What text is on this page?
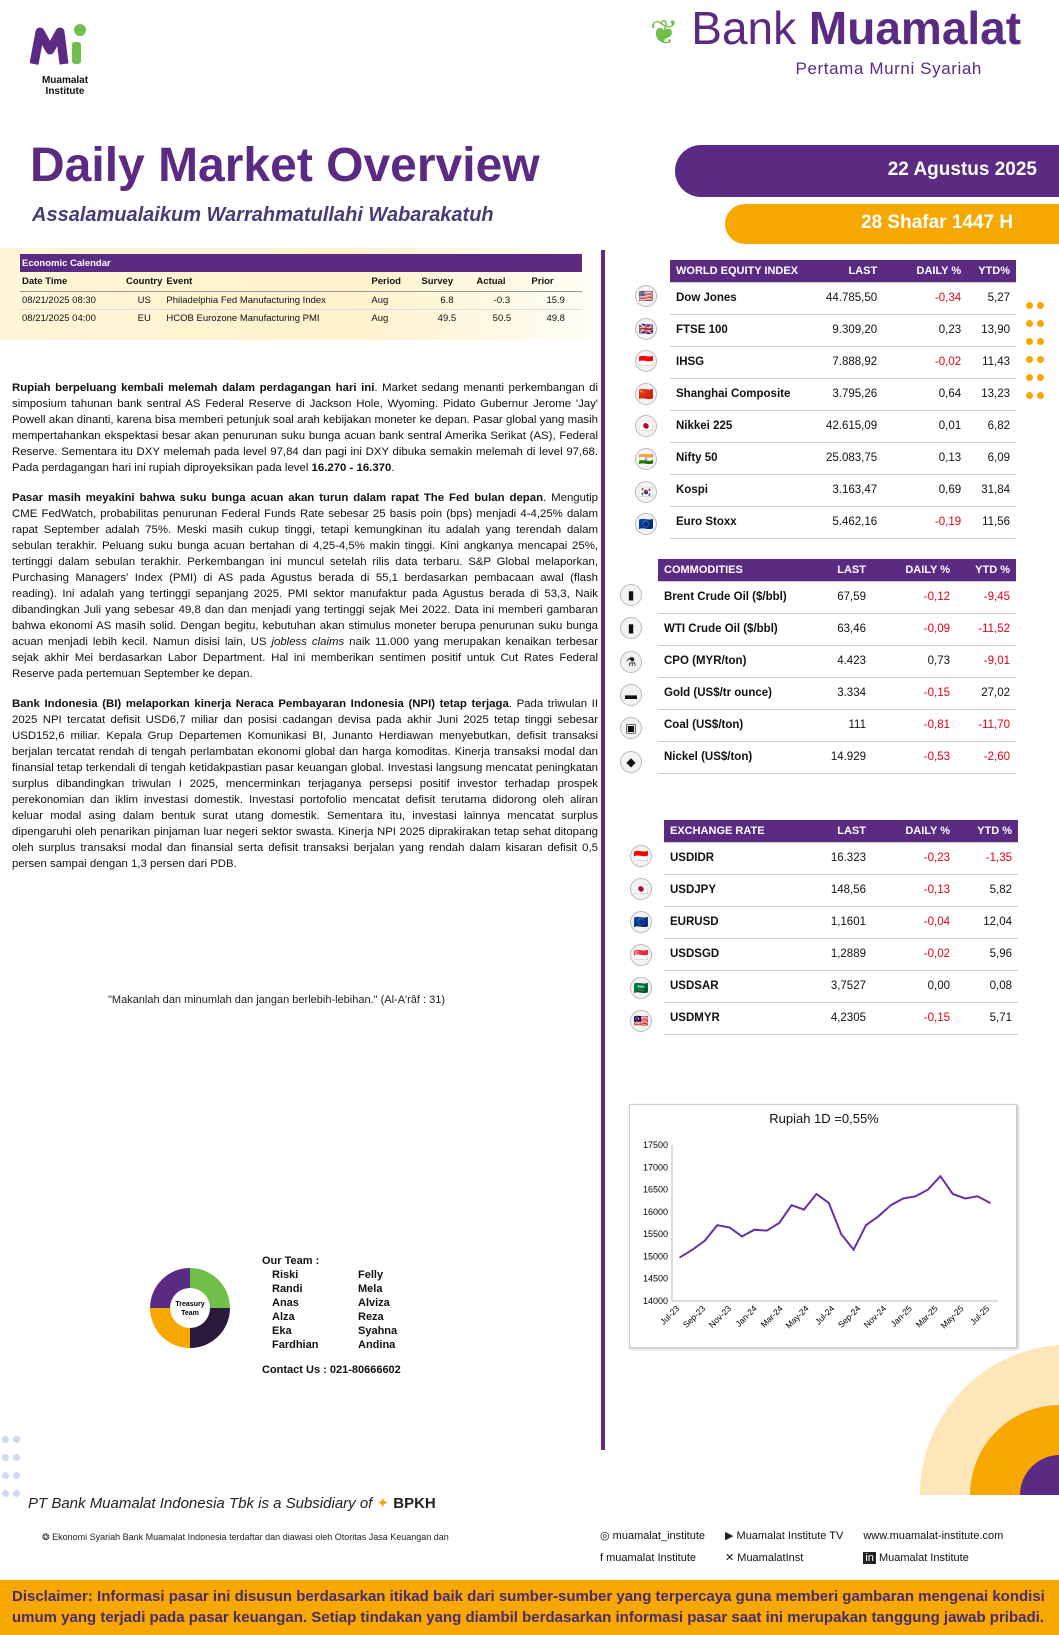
Muamalat Institute
❦ Bank Muamalat
Pertama Murni Syariah
Daily Market Overview
Assalamualaikum Warrahmatullahi Wabarakatuh
22 Agustus 2025
28 Shafar 1447 H
Economic Calendar						
Date Time	Country	Event	Period	Survey	Actual	Prior
08/21/2025 08:30	US	Philadelphia Fed Manufacturing Index	Aug	6.8	-0.3	15.9
08/21/2025 04:00	EU	HCOB Eurozone Manufacturing PMI	Aug	49.5	50.5	49.8

Rupiah berpeluang kembali melemah dalam perdagangan hari ini. Market sedang menanti perkembangan di simposium tahunan bank sentral AS Federal Reserve di Jackson Hole, Wyoming. Pidato Gubernur Jerome 'Jay' Powell akan dinanti, karena bisa memberi petunjuk soal arah kebijakan moneter ke depan. Pasar global yang masih mempertahankan ekspektasi besar akan penurunan suku bunga acuan bank sentral Amerika Serikat (AS), Federal Reserve. Sementara itu DXY melemah pada level 97,84 dan pagi ini DXY dibuka semakin melemah di level 97,68. Pada perdagangan hari ini rupiah diproyeksikan pada level 16.270 - 16.370.

Pasar masih meyakini bahwa suku bunga acuan akan turun dalam rapat The Fed bulan depan. Mengutip CME FedWatch, probabilitas penurunan Federal Funds Rate sebesar 25 basis poin (bps) menjadi 4-4,25% dalam rapat September adalah 75%. Meski masih cukup tinggi, tetapi kemungkinan itu adalah yang terendah dalam sebulan terakhir. Peluang suku bunga acuan bertahan di 4,25-4,5% makin tinggi. Kini angkanya mencapai 25%, tertinggi dalam sebulan terakhir. Perkembangan ini muncul setelah rilis data terbaru. S&P Global melaporkan, Purchasing Managers' Index (PMI) di AS pada Agustus berada di 55,1 berdasarkan pembacaan awal (flash reading). Ini adalah yang tertinggi sepanjang 2025. PMI sektor manufaktur pada Agustus berada di 53,3, Naik dibandingkan Juli yang sebesar 49,8 dan dan menjadi yang tertinggi sejak Mei 2022. Data ini memberi gambaran bahwa ekonomi AS masih solid. Dengan begitu, kebutuhan akan stimulus moneter berupa penurunan suku bunga acuan menjadi lebih kecil. Namun disisi lain, US jobless claims naik 11.000 yang merupakan kenaikan terbesar sejak akhir Mei berdasarkan Labor Department. Hal ini memberikan sentimen positif untuk Cut Rates Federal Reserve pada pertemuan September ke depan.

Bank Indonesia (BI) melaporkan kinerja Neraca Pembayaran Indonesia (NPI) tetap terjaga. Pada triwulan II 2025 NPI tercatat defisit USD6,7 miliar dan posisi cadangan devisa pada akhir Juni 2025 tetap tinggi sebesar USD152,6 miliar. Kepala Grup Departemen Komunikasi BI, Junanto Herdiawan menyebutkan, defisit transaksi berjalan tercatat rendah di tengah perlambatan ekonomi global dan harga komoditas. Kinerja transaksi modal dan finansial tetap terkendali di tengah ketidakpastian pasar keuangan global. Investasi langsung mencatat peningkatan surplus dibandingkan triwulan I 2025, mencerminkan terjaganya persepsi positif investor terhadap prospek perekonomian dan iklim investasi domestik. Investasi portofolio mencatat defisit terutama didorong oleh aliran keluar modal asing dalam bentuk surat utang domestik. Sementara itu, investasi lainnya mencatat surplus dipengaruhi oleh penarikan pinjaman luar negeri sektor swasta. Kinerja NPI 2025 diprakirakan tetap sehat ditopang oleh surplus transaksi modal dan finansial serta defisit transaksi berjalan yang rendah dalam kisaran defisit 0,5 persen sampai dengan 1,3 persen dari PDB.

"Makanlah dan minumlah dan jangan berlebih-lebihan." (Al-A'râf : 31)
Treasury
Team
Our Team :
Riski
Randi
Anas
Alza
Eka
Fardhian
Felly
Mela
Alviza
Reza
Syahna
Andina
Contact Us : 021-80666602
WORLD EQUITY INDEX	LAST	DAILY %	YTD%
Dow Jones	44.785,50	-0,34	5,27
FTSE 100	9.309,20	0,23	13,90
IHSG	7.888,92	-0,02	11,43
Shanghai Composite	3.795,26	0,64	13,23
Nikkei 225	42.615,09	0,01	6,82
Nifty 50	25.083,75	0,13	6,09
Kospi	3.163,47	0,69	31,84
Euro Stoxx	5.462,16	-0,19	11,56
COMMODITIES	LAST	DAILY %	YTD %
Brent Crude Oil ($/bbl)	67,59	-0,12	-9,45
WTI Crude Oil ($/bbl)	63,46	-0,09	-11,52
CPO (MYR/ton)	4.423	0,73	-9,01
Gold (US$/tr ounce)	3.334	-0,15	27,02
Coal (US$/ton)	111	-0,81	-11,70
Nickel (US$/ton)	14.929	-0,53	-2,60
EXCHANGE RATE	LAST	DAILY %	YTD %
USDIDR	16.323	-0,23	-1,35
USDJPY	148,56	-0,13	5,82
EURUSD	1,1601	-0,04	12,04
USDSGD	1,2889	-0,02	5,96
USDSAR	3,7527	0,00	0,08
USDMYR	4,2305	-0,15	5,71
🇺🇸
🇬🇧
🇮🇩
🇨🇳
🇯🇵
🇮🇳
🇰🇷
🇪🇺
▮
▮
⚗
▬
▣
◆
🇮🇩
🇯🇵
🇪🇺
🇸🇬
🇸🇦
🇲🇾
Rupiah 1D =0,55%
17500
17000
16500
16000
15500
15000
14500
14000
Jul-23 Sep-23 Nov-23 Jan-24 Mar-24
May-24 Jul-24 Sep-24 Nov-24 Jan-25 Mar-25
May-25 Jul-25
PT Bank Muamalat Indonesia Tbk is a Subsidiary of ✦ BPKH
❂ Ekonomi Syariah Bank Muamalat Indonesia terdaftar dan diawasi oleh Otoritas Jasa Keuangan dan	◎ muamalat_institute	▶ Muamalat Institute TV	www.muamalat-institute.com
f muamalat Institute	✕ MuamalatInst	in Muamalat Institute
Disclaimer: Informasi pasar ini disusun berdasarkan itikad baik dari sumber-sumber yang terpercaya guna memberi gambaran mengenai kondisi umum yang terjadi pada pasar keuangan. Setiap tindakan yang diambil berdasarkan informasi pasar saat ini merupakan tanggung jawab pribadi.
